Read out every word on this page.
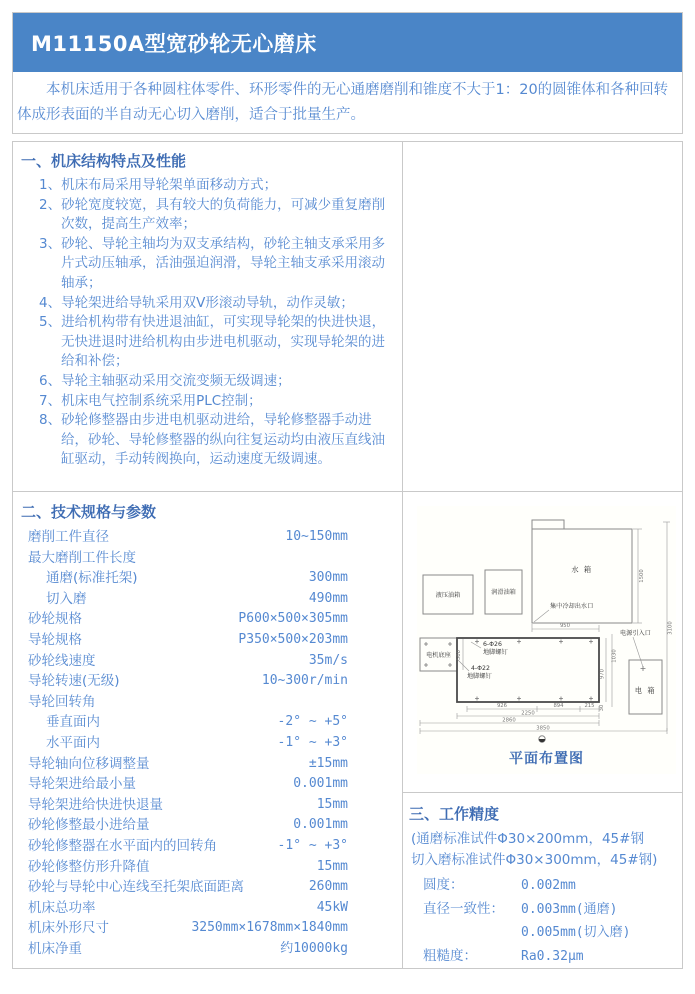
M11150A型宽砂轮无心磨床
本机床适用于各种圆柱体零件、环形零件的无心通磨磨削和锥度不大于1：20的圆锥体和各种回转体成形表面的半自动无心切入磨削，适合于批量生产。
一、机床结构特点及性能
1、机床布局采用导轮架单面移动方式；
2、砂轮宽度较宽，具有较大的负荷能力，可减少重复磨削次数，提高生产效率；
3、砂轮、导轮主轴均为双支承结构，砂轮主轴支承采用多片式动压轴承，活油强迫润滑，导轮主轴支承采用滚动轴承；
4、导轮架进给导轨采用双V形滚动导轨，动作灵敏；
5、进给机构带有快进退油缸，可实现导轮架的快进快退，无快进退时进给机构由步进电机驱动，实现导轮架的进给和补偿；
6、导轮主轴驱动采用交流变频无级调速；
7、机床电气控制系统采用PLC控制；
8、砂轮修整器由步进电机驱动进给，导轮修整器手动进给，砂轮、导轮修整器的纵向往复运动均由液压直线油缸驱动，手动转阀换向，运动速度无级调速。
二、技术规格与参数
磨削工件直径	10~150mm
最大磨削工件长度
通磨(标准托架)	300mm
切入磨	490mm
砂轮规格	P600×500×305mm
导轮规格	P350×500×203mm
砂轮线速度	35m/s
导轮转速(无级)	10~300r/min
导轮回转角
垂直面内	-2° ~ +5°
水平面内	-1° ~ +3°
导轮轴向位移调整量	±15mm
导轮架进给最小量	0.001mm
导轮架进给快进快退量	15mm
砂轮修整最小进给量	0.001mm
砂轮修整器在水平面内的回转角	-1° ~ +3°
砂轮修整仿形升降值	15mm
砂轮与导轮中心连线至托架底面距离	260mm
机床总功率	45kW
机床外形尺寸	3250mm×1678mm×1840mm
机床净重	约10000kg
水 箱
集中冷却出水口
1500
3100
950
液压油箱	润滑油箱
电机底座 500
6-Φ26
地脚螺钉
4-Φ22
地脚螺钉	970
1030
电源引入口
电 箱
926	894	215 30
2250
2860
3850
平面布置图
三、工作精度
(通磨标准试件Φ30×200mm，45#钢
切入磨标准试件Φ30×300mm，45#钢)
圆度：	0.002mm
直径一致性：	0.003mm(通磨)
0.005mm(切入磨)
粗糙度：	Ra0.32μm
